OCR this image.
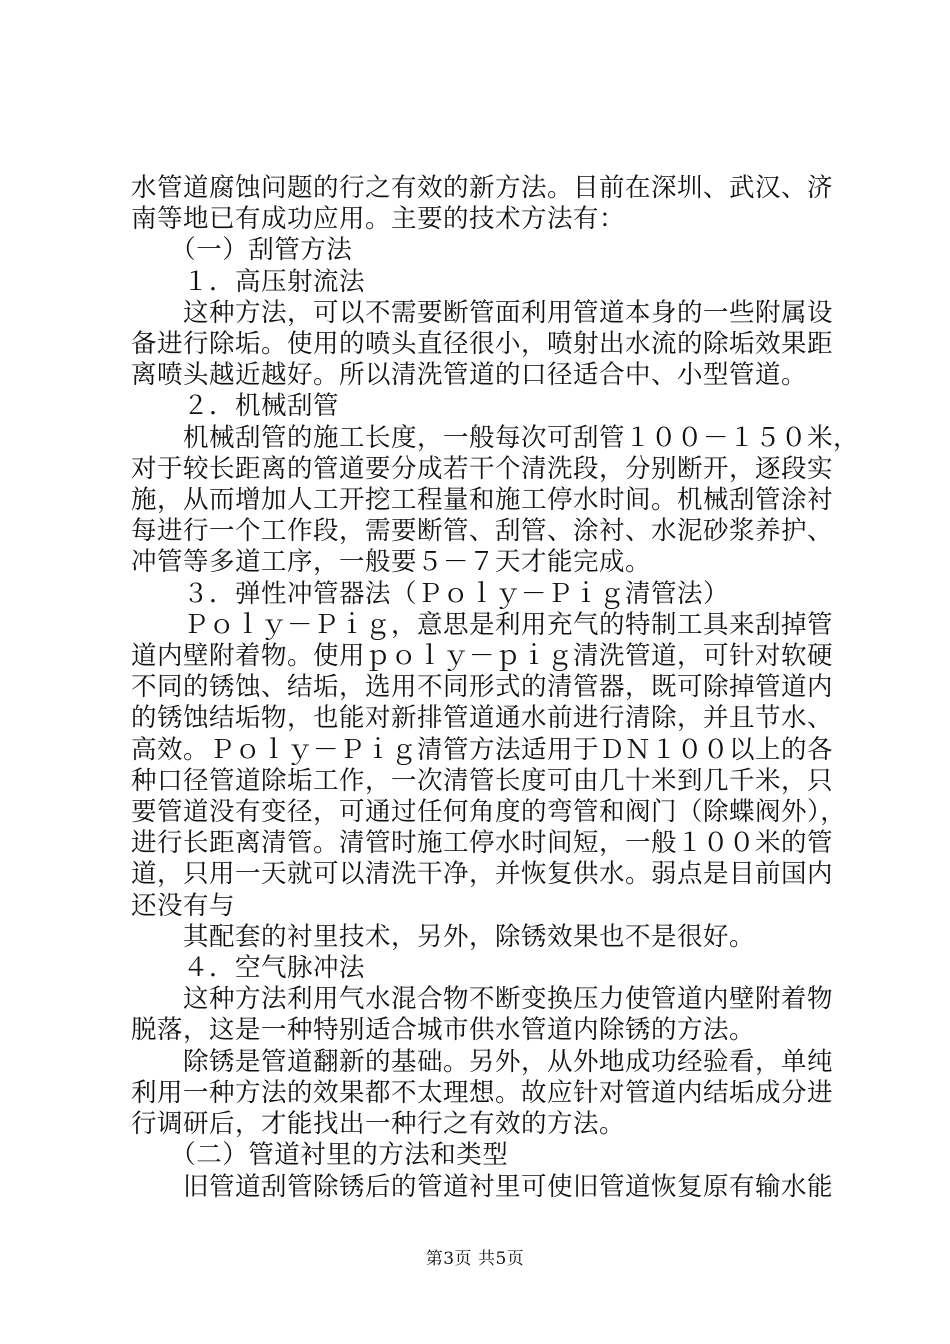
水管道腐蚀问题的行之有效的新方法。目前在深圳、武汉、济
南等地已有成功应用。主要的技术方法有：
　　（一）刮管方法
　　１．高压射流法
　　这种方法，可以不需要断管面利用管道本身的一些附属设
备进行除垢。使用的喷头直径很小，喷射出水流的除垢效果距
离喷头越近越好。所以清洗管道的口径适合中、小型管道。
　　２．机械刮管
　　机械刮管的施工长度，一般每次可刮管１００－１５０米，
对于较长距离的管道要分成若干个清洗段，分别断开，逐段实
施，从而增加人工开挖工程量和施工停水时间。机械刮管涂衬
每进行一个工作段，需要断管、刮管、涂衬、水泥砂浆养护、
冲管等多道工序，一般要５－７天才能完成。
　　３．弹性冲管器法（Ｐｏｌｙ－Ｐｉｇ清管法）
　　Ｐｏｌｙ－Ｐｉｇ，意思是利用充气的特制工具来刮掉管
道内壁附着物。使用ｐｏｌｙ－ｐｉｇ清洗管道，可针对软硬
不同的锈蚀、结垢，选用不同形式的清管器，既可除掉管道内
的锈蚀结垢物，也能对新排管道通水前进行清除，并且节水、
高效。Ｐｏｌｙ－Ｐｉｇ清管方法适用于ＤＮ１００以上的各
种口径管道除垢工作，一次清管长度可由几十米到几千米，只
要管道没有变径，可通过任何角度的弯管和阀门（除蝶阀外），
进行长距离清管。清管时施工停水时间短，一般１００米的管
道，只用一天就可以清洗干净，并恢复供水。弱点是目前国内
还没有与
　　其配套的衬里技术，另外，除锈效果也不是很好。
　　４．空气脉冲法
　　这种方法利用气水混合物不断变换压力使管道内壁附着物
脱落，这是一种特别适合城市供水管道内除锈的方法。
　　除锈是管道翻新的基础。另外，从外地成功经验看，单纯
利用一种方法的效果都不太理想。故应针对管道内结垢成分进
行调研后，才能找出一种行之有效的方法。
　　（二）管道衬里的方法和类型
　　旧管道刮管除锈后的管道衬里可使旧管道恢复原有输水能
第3页 共5页
